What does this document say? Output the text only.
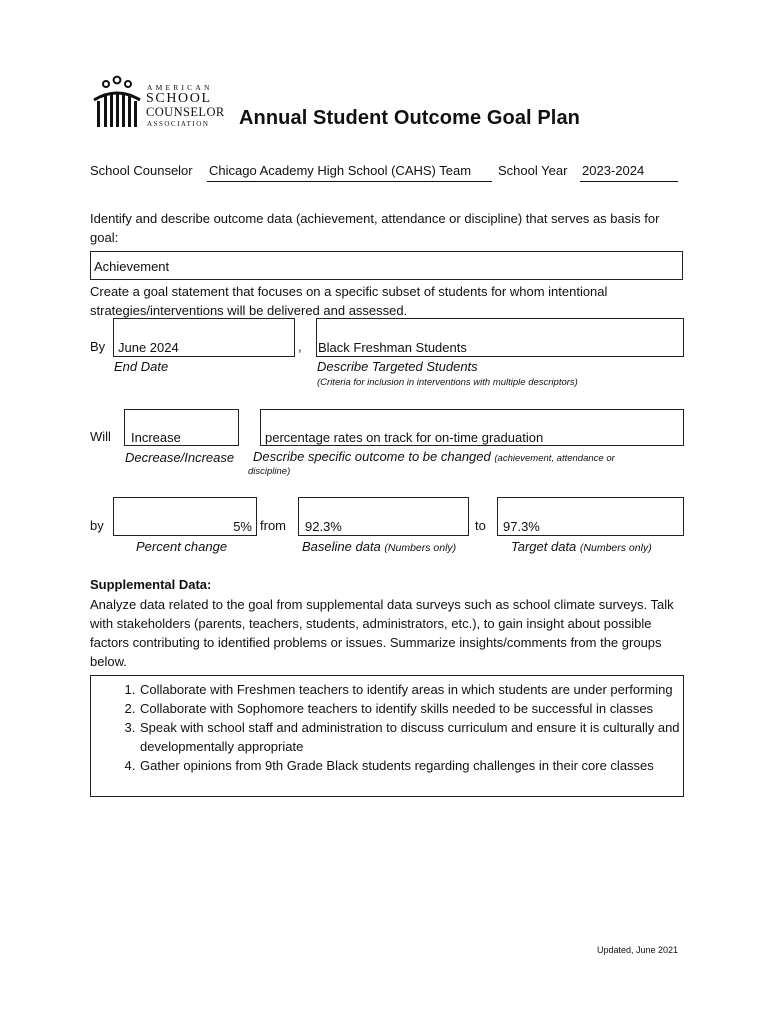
AMERICAN
SCHOOL
COUNSELOR
ASSOCIATION Annual Student Outcome Goal Plan
School Counselor Chicago Academy High School (CAHS) Team School Year 2023-2024
Identify and describe outcome data (achievement, attendance or discipline) that serves as basis for goal:
Achievement
Create a goal statement that focuses on a specific subset of students for whom intentional strategies/interventions will be delivered and assessed.
By June 2024	, Black Freshman Students
End Date	Describe Targeted Students
(Criteria for inclusion in interventions with multiple descriptors)
Will Increase	percentage rates on track for on-time graduation
Decrease/Increase Describe specific outcome to be changed (achievement, attendance or
discipline)
by	5% from 92.3%	to 97.3%
Percent change	Baseline data (Numbers only)	Target data (Numbers only)
Supplemental Data:
Analyze data related to the goal from supplemental data surveys such as school climate surveys. Talk with stakeholders (parents, teachers, students, administrators, etc.), to gain insight about possible factors contributing to identified problems or issues. Summarize insights/comments from the groups below.
1. Collaborate with Freshmen teachers to identify areas in which students are under performing
2. Collaborate with Sophomore teachers to identify skills needed to be successful in classes
3. Speak with school staff and administration to discuss curriculum and ensure it is culturally and developmentally appropriate
4. Gather opinions from 9th Grade Black students regarding challenges in their core classes
Updated, June 2021
